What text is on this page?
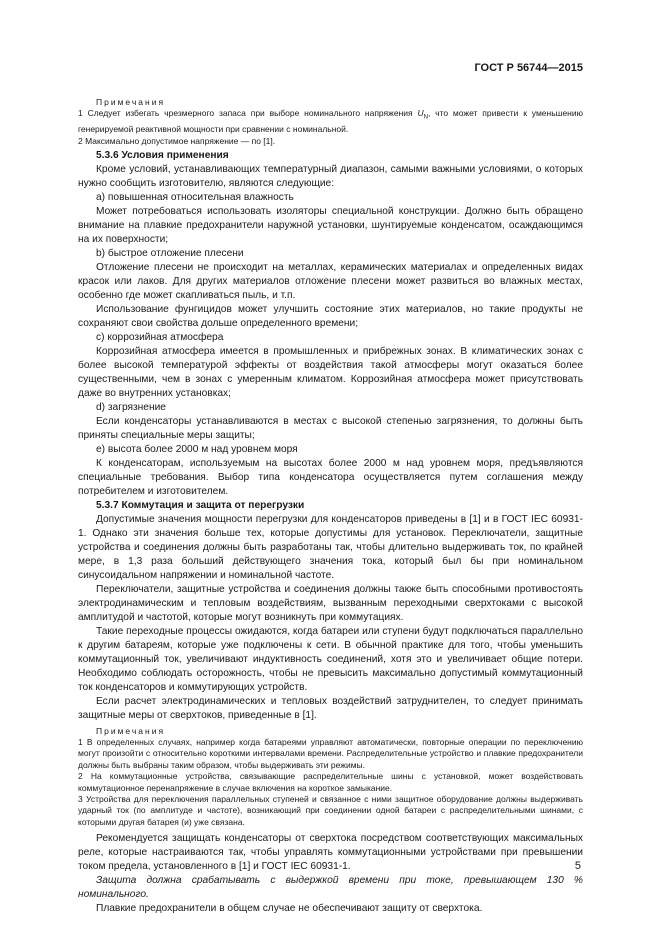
ГОСТ Р 56744—2015

Примечания

1 Следует избегать чрезмерного запаса при выборе номинального напряжения $U_N$, что может привести к уменьшению генерируемой реактивной мощности при сравнении с номинальной.

2 Максимально допустимое напряжение — по [1].

5.3.6 Условия применения

Кроме условий, устанавливающих температурный диапазон, самыми важными условиями, о которых нужно сообщить изготовителю, являются следующие:

а) повышенная относительная влажность

Может потребоваться использовать изоляторы специальной конструкции. Должно быть обращено внимание на плавкие предохранители наружной установки, шунтируемые конденсатом, осаждающимся на их поверхности;

b) быстрое отложение плесени

Отложение плесени не происходит на металлах, керамических материалах и определенных видах красок или лаков. Для других материалов отложение плесени может развиться во влажных местах, особенно где может скапливаться пыль, и т.п.

Использование фунгицидов может улучшить состояние этих материалов, но такие продукты не сохраняют свои свойства дольше определенного времени;

с) коррозийная атмосфера

Коррозийная атмосфера имеется в промышленных и прибрежных зонах. В климатических зонах с более высокой температурой эффекты от воздействия такой атмосферы могут оказаться более существенными, чем в зонах с умеренным климатом. Коррозийная атмосфера может присутствовать даже во внутренних установках;

d) загрязнение

Если конденсаторы устанавливаются в местах с высокой степенью загрязнения, то должны быть приняты специальные меры защиты;

е) высота более 2000 м над уровнем моря

К конденсаторам, используемым на высотах более 2000 м над уровнем моря, предъявляются специальные требования. Выбор типа конденсатора осуществляется путем соглашения между потребителем и изготовителем.

5.3.7 Коммутация и защита от перегрузки

Допустимые значения мощности перегрузки для конденсаторов приведены в [1] и в ГОСТ IEC 60931-1. Однако эти значения больше тех, которые допустимы для установок. Переключатели, защитные устройства и соединения должны быть разработаны так, чтобы длительно выдерживать ток, по крайней мере, в 1,3 раза больший действующего значения тока, который был бы при номинальном синусоидальном напряжении и номинальной частоте.

Переключатели, защитные устройства и соединения должны также быть способными противостоять электродинамическим и тепловым воздействиям, вызванным переходными сверхтоками с высокой амплитудой и частотой, которые могут возникнуть при коммутациях.

Такие переходные процессы ожидаются, когда батареи или ступени будут подключаться параллельно к другим батареям, которые уже подключены к сети. В обычной практике для того, чтобы уменьшить коммутационный ток, увеличивают индуктивность соединений, хотя это и увеличивает общие потери. Необходимо соблюдать осторожность, чтобы не превысить максимально допустимый коммутационный ток конденсаторов и коммутирующих устройств.

Если расчет электродинамических и тепловых воздействий затруднителен, то следует принимать защитные меры от сверхтоков, приведенные в [1].

Примечания

1 В определенных случаях, например когда батареями управляют автоматически, повторные операции по переключению могут произойти с относительно короткими интервалами времени. Распределительные устройство и плавкие предохранители должны быть выбраны таким образом, чтобы выдерживать эти режимы.

2 На коммутационные устройства, связывающие распределительные шины с установкой, может воздействовать коммутационное перенапряжение в случае включения на короткое замыкание.

3 Устройства для переключения параллельных ступеней и связанное с ними защитное оборудование должны выдерживать ударный ток (по амплитуде и частоте), возникающий при соединении одной батареи с распределительными шинами, с которыми другая батарея (и) уже связана.

Рекомендуется защищать конденсаторы от сверхтока посредством соответствующих максимальных реле, которые настраиваются так, чтобы управлять коммутационными устройствами при превышении током предела, установленного в [1] и ГОСТ IEC 60931-1.

Защита должна срабатывать с выдержкой времени при токе, превышающем 130 % номинального.

Плавкие предохранители в общем случае не обеспечивают защиту от сверхтока.

5
